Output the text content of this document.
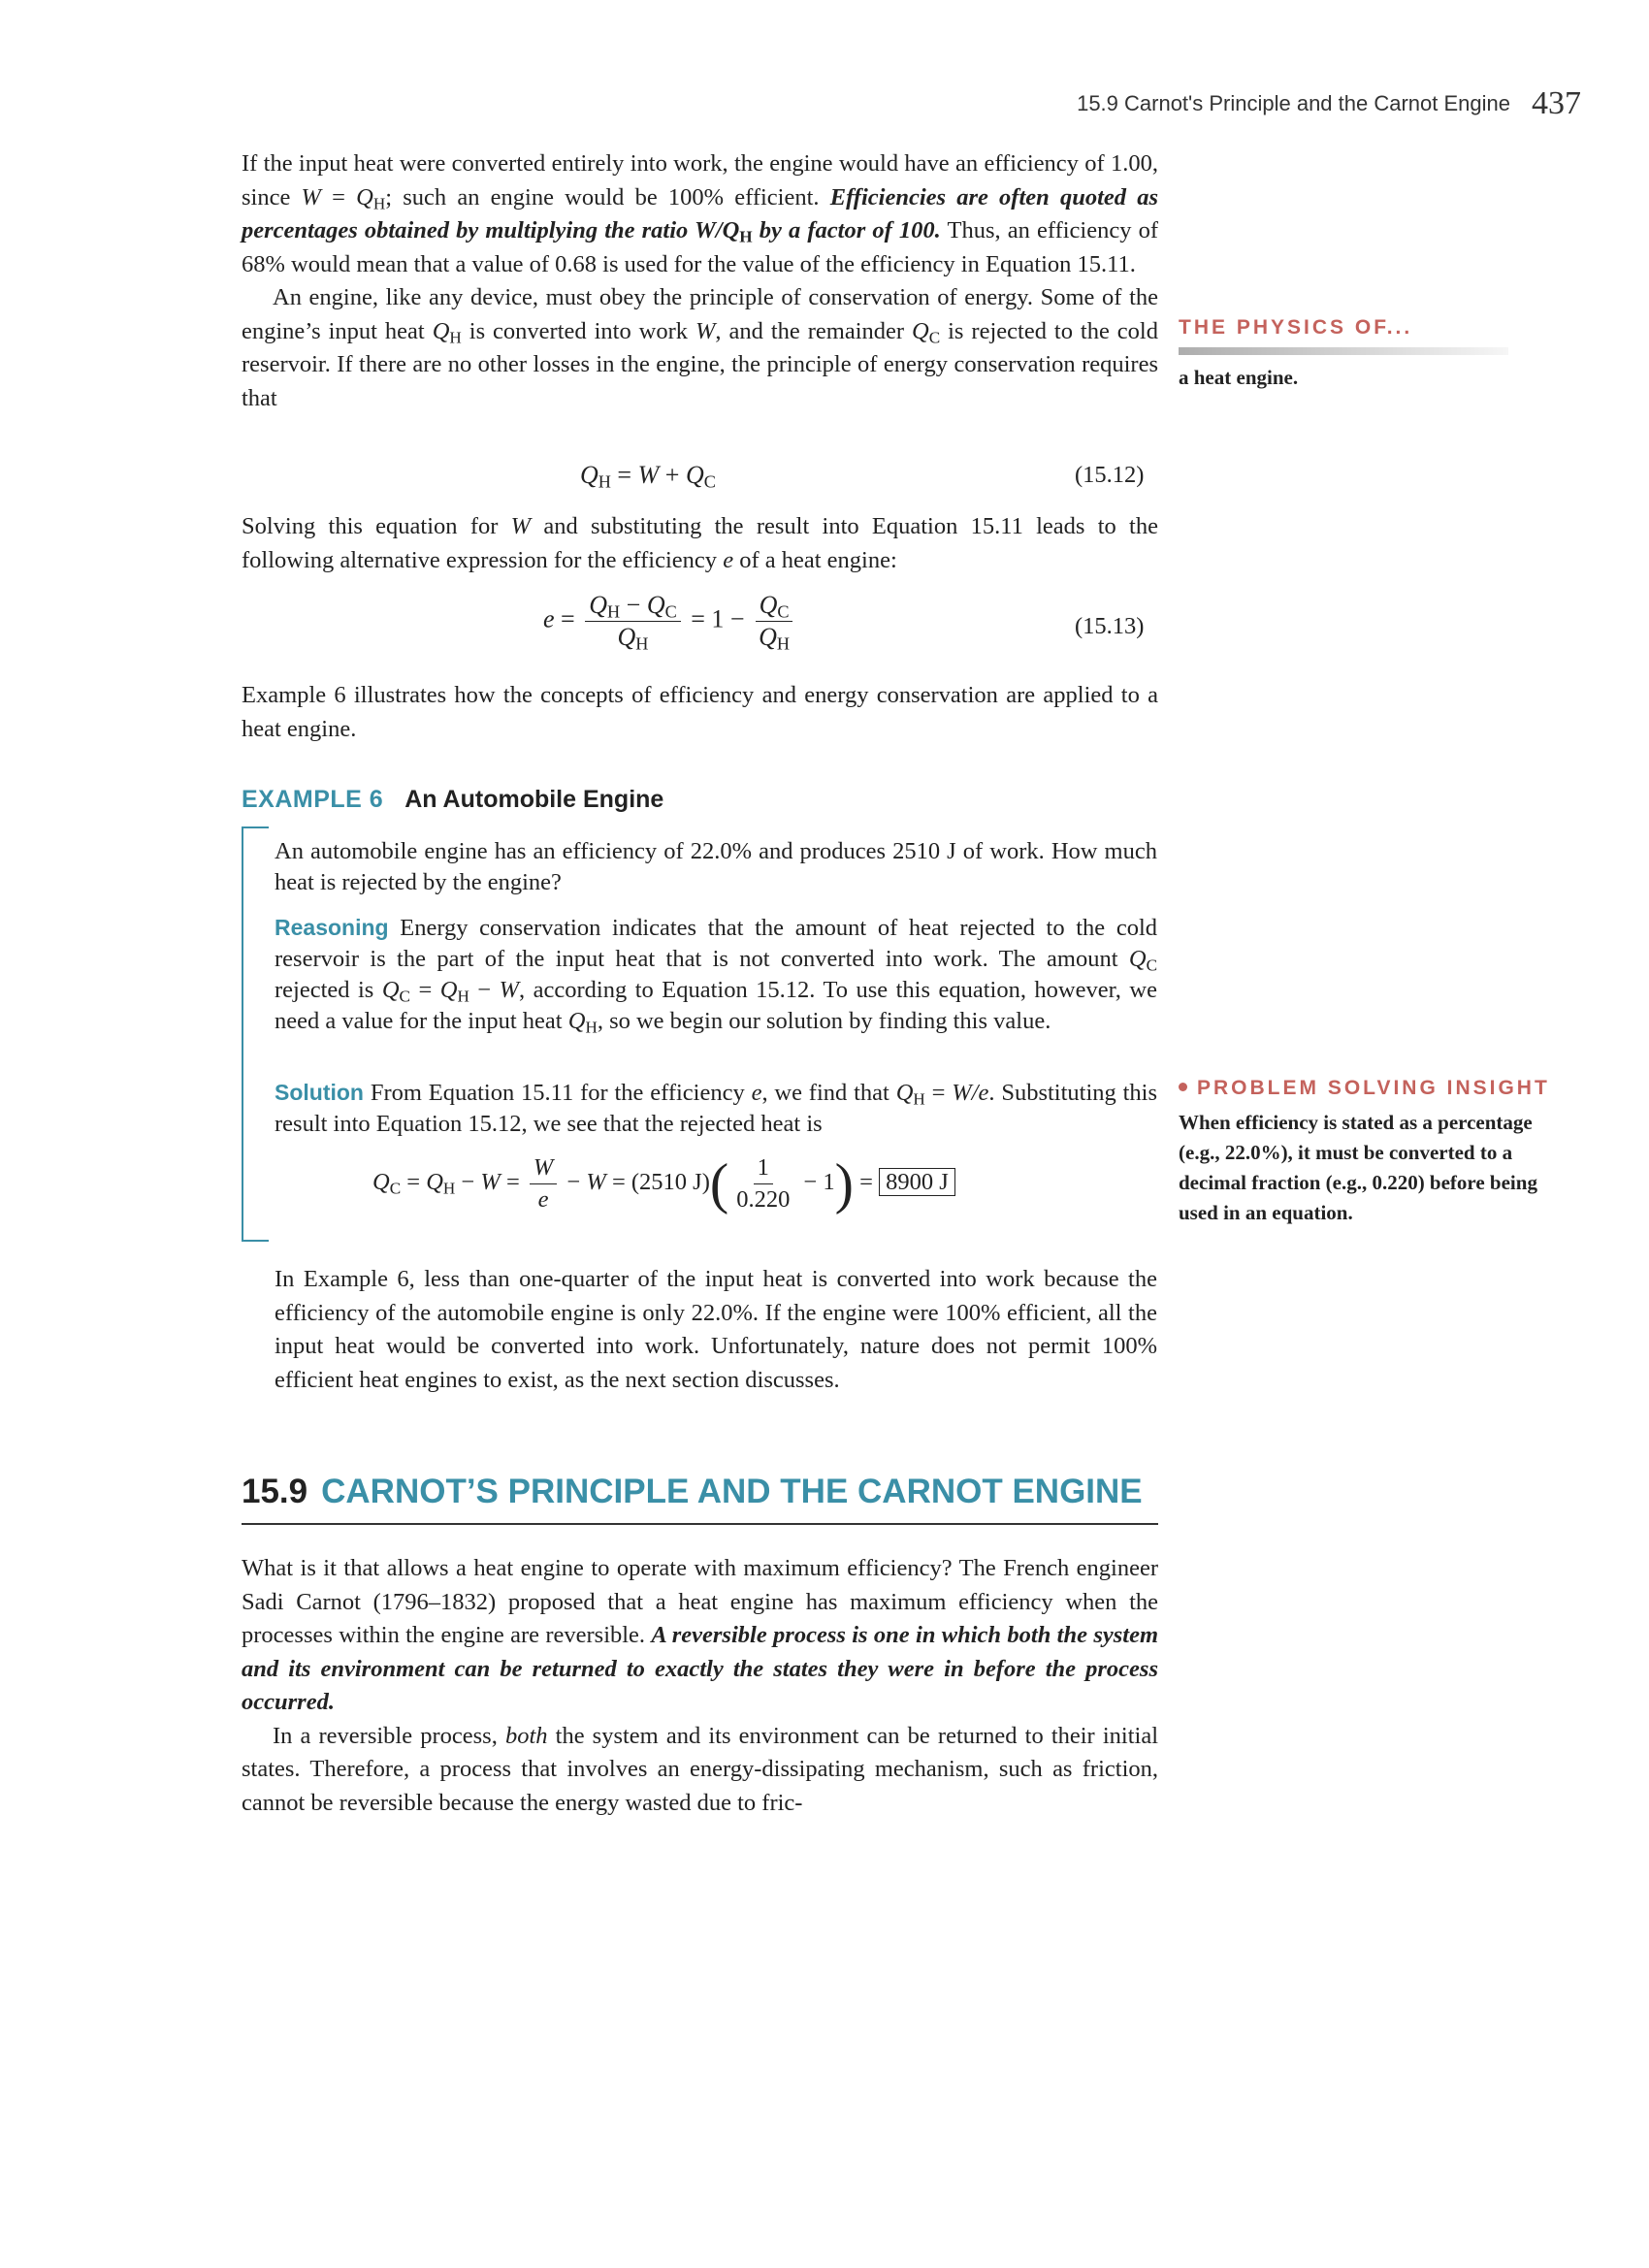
15.9 Carnot's Principle and the Carnot Engine 437

If the input heat were converted entirely into work, the engine would have an efficiency of 1.00, since $W = Q_H$; such an engine would be 100% efficient. Efficiencies are often quoted as percentages obtained by multiplying the ratio $W/Q_H$ by a factor of 100. Thus, an efficiency of 68% would mean that a value of 0.68 is used for the value of the efficiency in Equation 15.11.

An engine, like any device, must obey the principle of conservation of energy. Some of the engine’s input heat $Q_H$ is converted into work W, and the remainder $Q_C$ is rejected to the cold reservoir. If there are no other losses in the engine, the principle of energy conservation requires that

$Q_H = W + Q_C$	(15.12)

Solving this equation for W and substituting the result into Equation 15.11 leads to the following alternative expression for the efficiency e of a heat engine:

$e = \frac{Q_H - Q_C}{Q_H} = 1 - \frac{Q_C}{Q_H}$	(15.13)

Example 6 illustrates how the concepts of efficiency and energy conservation are applied to a heat engine.

EXAMPLE 6 An Automobile Engine

An automobile engine has an efficiency of 22.0% and produces 2510 J of work. How much heat is rejected by the engine?

Reasoning Energy conservation indicates that the amount of heat rejected to the cold reservoir is the part of the input heat that is not converted into work. The amount $Q_C$ rejected is $Q_C = Q_H - W$, according to Equation 15.12. To use this equation, however, we need a value for the input heat $Q_H$, so we begin our solution by finding this value.

Solution From Equation 15.11 for the efficiency e, we find that $Q_H = W/e$. Substituting this result into Equation 15.12, we see that the rejected heat is

$Q_C = Q_H - W = \frac{W}{e} - W = (2510$ $J)( \frac{1}{0.220} - 1) = 8900$ J

In Example 6, less than one-quarter of the input heat is converted into work because the efficiency of the automobile engine is only 22.0%. If the engine were 100% efficient, all the input heat would be converted into work. Unfortunately, nature does not permit 100% efficient heat engines to exist, as the next section discusses.

15.9 CARNOT’S PRINCIPLE AND THE CARNOT ENGINE

What is it that allows a heat engine to operate with maximum efficiency? The French engineer Sadi Carnot (1796–1832) proposed that a heat engine has maximum efficiency when the processes within the engine are reversible. A reversible process is one in which both the system and its environment can be returned to exactly the states they were in before the process occurred.

In a reversible process, both the system and its environment can be returned to their initial states. Therefore, a process that involves an energy-dissipating mechanism, such as friction, cannot be reversible because the energy wasted due to fric-

THE PHYSICS OF...
a heat engine.
PROBLEM SOLVING INSIGHT
When efficiency is stated as a percentage (e.g., 22.0%), it must be converted to a decimal fraction (e.g., 0.220) before being used in an equation.
